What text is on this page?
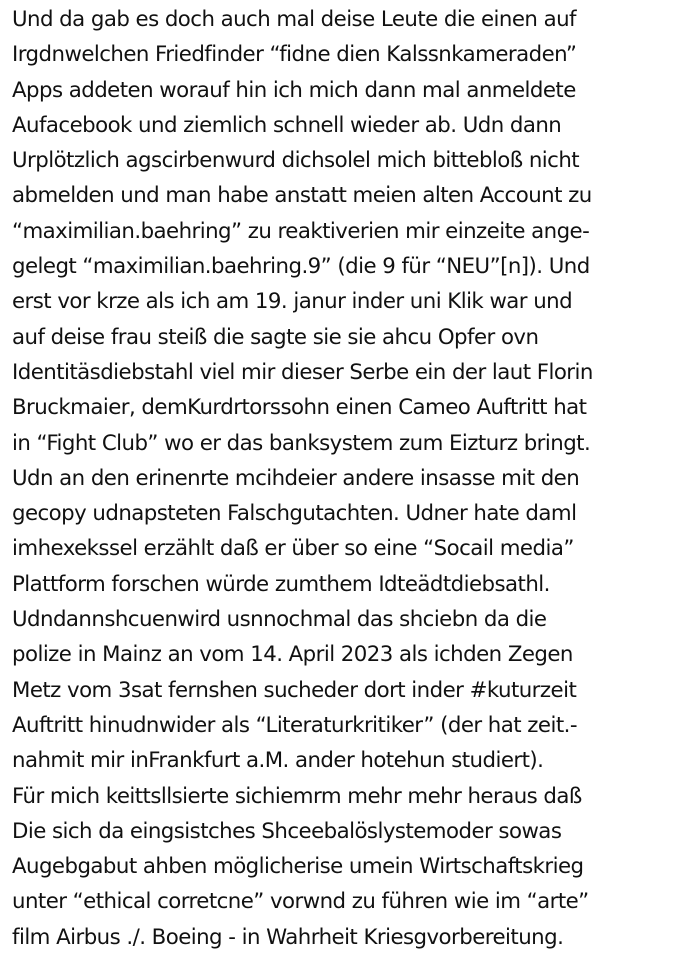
Und da gab es doch auch mal deise Leute die einen auf
Irgdnwelchen Friedfinder “fidne dien Kalssnkameraden”
Apps addeten worauf hin ich mich dann mal anmeldete
Aufacebook und ziemlich schnell wieder ab. Udn dann
Urplötzlich agscirbenwurd dichsolel mich bittebloß nicht
abmelden und man habe anstatt meien alten Account zu
“maximilian.baehring” zu reaktiverien mir einzeite ange-
gelegt “maximilian.baehring.9” (die 9 für “NEU”[n]). Und
erst vor krze als ich am 19. janur inder uni Klik war und
auf deise frau steiß die sagte sie sie ahcu Opfer ovn
Identitäsdiebstahl viel mir dieser Serbe ein der laut Florin
Bruckmaier, demKurdrtorssohn einen Cameo Auftritt hat
in “Fight Club” wo er das banksystem zum Eizturz bringt.
Udn an den erinenrte mcihdeier andere insasse mit den
gecopy udnapsteten Falschgutachten. Udner hate daml
imhexekssel erzählt daß er über so eine “Socail media”
Plattform forschen würde zumthem Idteädtdiebsathl.
Udndannshcuenwird usnnochmal das shciebn da die
polize in Mainz an vom 14. April 2023 als ichden Zegen
Metz vom 3sat fernshen sucheder dort inder #kuturzeit
Auftritt hinudnwider als “Literaturkritiker” (der hat zeit.-
nahmit mir inFrankfurt a.M. ander hotehun studiert).
Für mich keittsllsierte sichiemrm mehr mehr heraus daß
Die sich da eingsistches Shceebalöslystemoder sowas
Augebgabut ahben möglicherise umein Wirtschaftskrieg
unter “ethical corretcne” vorwnd zu führen wie im “arte”
film Airbus ./. Boeing - in Wahrheit Kriesgvorbereitung.
